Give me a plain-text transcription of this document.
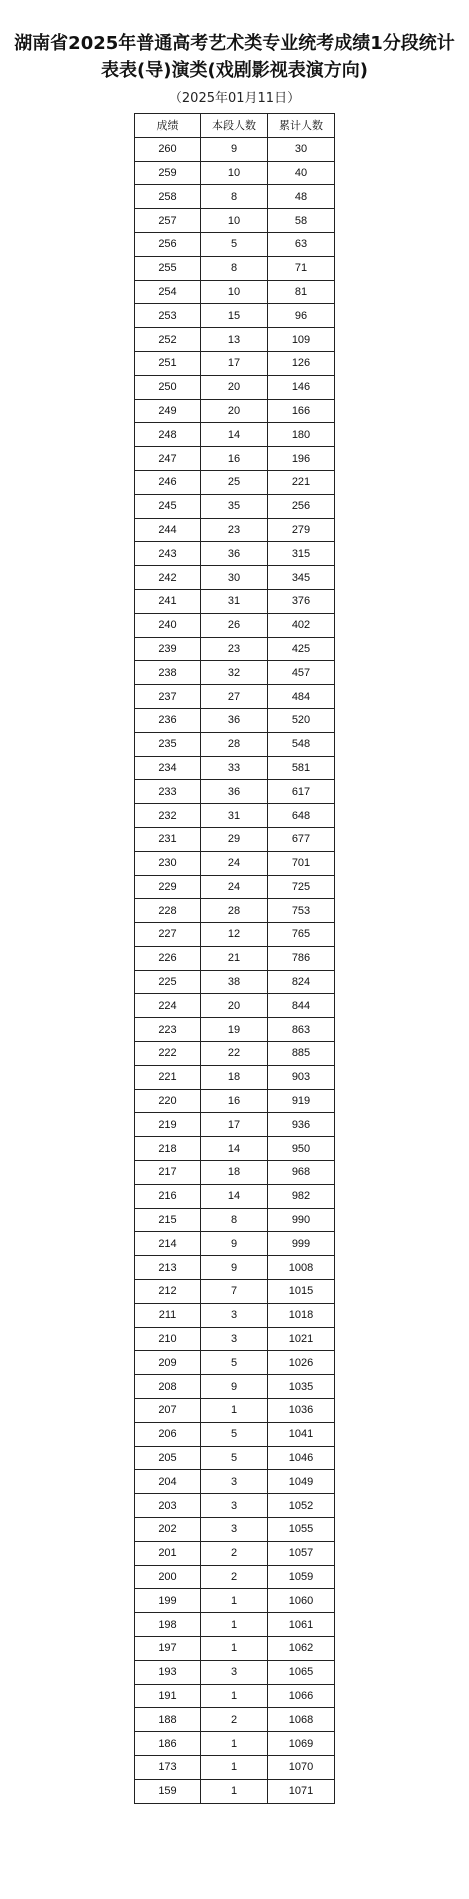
湖南省2025年普通高考艺术类专业统考成绩1分段统计表表(导)演类(戏剧影视表演方向)
（2025年01月11日）
成绩	本段人数	累计人数
260	9	30
259	10	40
258	8	48
257	10	58
256	5	63
255	8	71
254	10	81
253	15	96
252	13	109
251	17	126
250	20	146
249	20	166
248	14	180
247	16	196
246	25	221
245	35	256
244	23	279
243	36	315
242	30	345
241	31	376
240	26	402
239	23	425
238	32	457
237	27	484
236	36	520
235	28	548
234	33	581
233	36	617
232	31	648
231	29	677
230	24	701
229	24	725
228	28	753
227	12	765
226	21	786
225	38	824
224	20	844
223	19	863
222	22	885
221	18	903
220	16	919
219	17	936
218	14	950
217	18	968
216	14	982
215	8	990
214	9	999
213	9	1008
212	7	1015
211	3	1018
210	3	1021
209	5	1026
208	9	1035
207	1	1036
206	5	1041
205	5	1046
204	3	1049
203	3	1052
202	3	1055
201	2	1057
200	2	1059
199	1	1060
198	1	1061
197	1	1062
193	3	1065
191	1	1066
188	2	1068
186	1	1069
173	1	1070
159	1	1071
